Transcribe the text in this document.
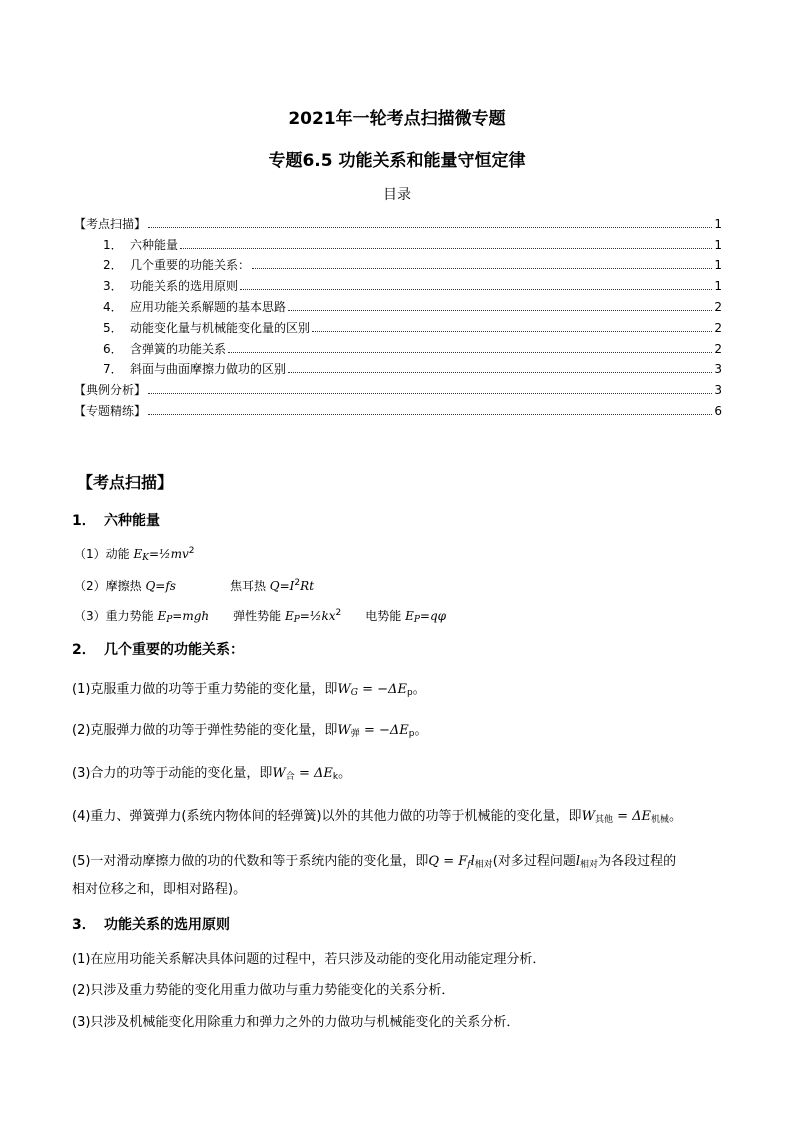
2021年一轮考点扫描微专题
专题6.5 功能关系和能量守恒定律
目录
【考点扫描】	1
1． 六种能量	1
2． 几个重要的功能关系：	1
3． 功能关系的选用原则	1
4． 应用功能关系解题的基本思路	2
5． 动能变化量与机械能变化量的区别	2
6． 含弹簧的功能关系	2
7． 斜面与曲面摩擦力做功的区别	3
【典例分析】	3
【专题精练】	6
【考点扫描】
1． 六种能量
（1）动能 $E_K=\frac{1}{2}mv^2$
（2）摩擦热 Q=fs	焦耳热 $Q=I^2Rt$
（3）重力势能 $E_P=mgh$ 弹性势能 $E_P=\frac{1}{2}kx^2$ 电势能 $E_P=q\varphi$
2． 几个重要的功能关系：
(1)克服重力做的功等于重力势能的变化量，即$W_G = -\Delta E_p$。
(2)克服弹力做的功等于弹性势能的变化量，即$W_弹 = -\Delta E_p$。
(3)合力的功等于动能的变化量，即$W_合 = \Delta E_k$。
(4)重力、弹簧弹力(系统内物体间的轻弹簧)以外的其他力做的功等于机械能的变化量，即$W_{其他} = \Delta E_{机械}$。
(5)一对滑动摩擦力做的功的代数和等于系统内能的变化量，即$Q = F_fl_{相对}$(对多过程问题$l_{相对}$为各段过程的
相对位移之和，即相对路程)。
3． 功能关系的选用原则
(1)在应用功能关系解决具体问题的过程中，若只涉及动能的变化用动能定理分析．
(2)只涉及重力势能的变化用重力做功与重力势能变化的关系分析．
(3)只涉及机械能变化用除重力和弹力之外的力做功与机械能变化的关系分析．
